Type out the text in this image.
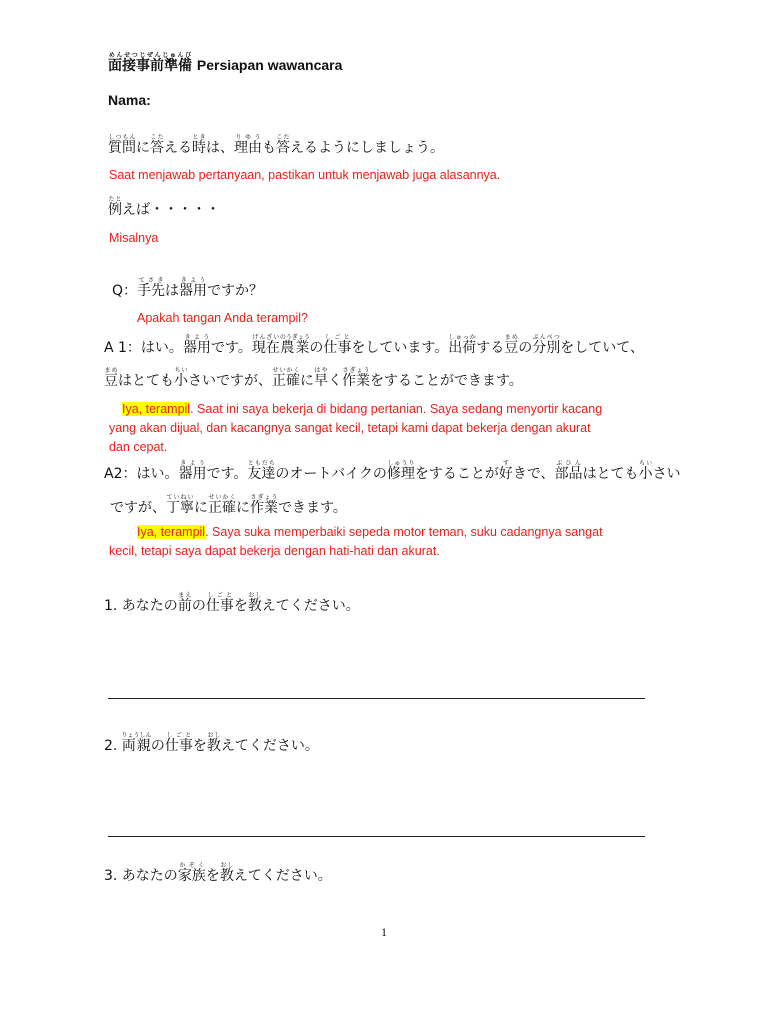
面接事前準備めんせつじぜんじゅんび Persiapan wawancara
Nama:
質問しつもんに答こたえる時ときは、理由りゆうも答こたえるようにしましょう。
Saat menjawab pertanyaan, pastikan untuk menjawab juga alasannya.
例たとえば・・・・・
Misalnya
Q：手先てさきは器用きようですか？
Apakah tangan Anda terampil?
A 1：はい。器用きようです。現在げんざい農業のうぎょうの仕事しごとをしています。出荷しゅっかする豆まめの分別ぶんべつをしていて、
豆まめはとても小ちいさいですが、正確せいかくに早はやく作業さぎょうをすることができます。
Iya, terampil. Saat ini saya bekerja di bidang pertanian. Saya sedang menyortir kacang
yang akan dijual, dan kacangnya sangat kecil, tetapi kami dapat bekerja dengan akurat
dan cepat.
A2：はい。器用きようです。友達ともだちのオートバイクの修理しゅうりをすることが好すきで、部品ぶひんはとても小ちいさい
ですが、丁寧ていねいに正確せいかくに作業さぎょうできます。
Iya, terampil. Saya suka memperbaiki sepeda motor teman, suku cadangnya sangat
kecil, tetapi saya dapat bekerja dengan hati-hati dan akurat.
1. あなたの前まえの仕事しごとを教おしえてください。
2. 両親りょうしんの仕事しごとを教おしえてください。
3. あなたの家族かぞくを教おしえてください。
1
